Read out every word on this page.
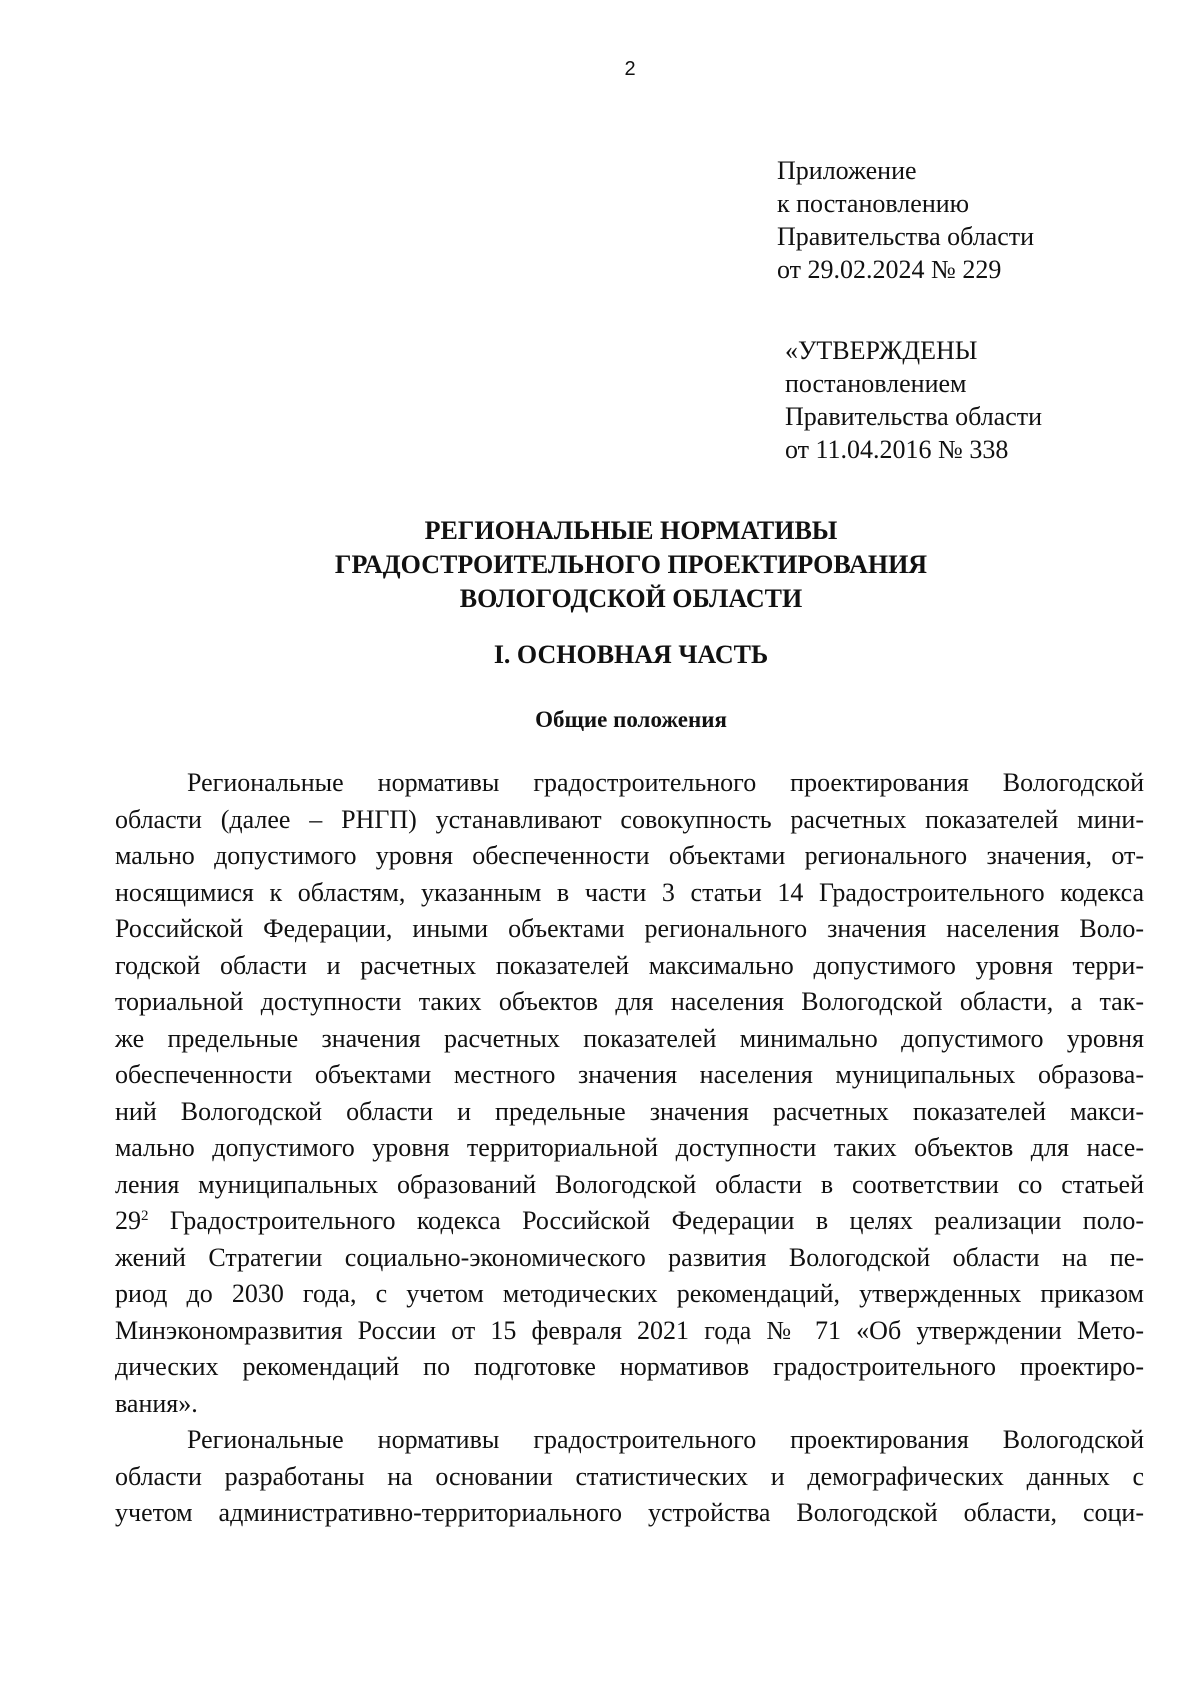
2
Приложение
к постановлению
Правительства области
от 29.02.2024 № 229
«УТВЕРЖДЕНЫ
постановлением
Правительства области
от 11.04.2016 № 338
РЕГИОНАЛЬНЫЕ НОРМАТИВЫ
ГРАДОСТРОИТЕЛЬНОГО ПРОЕКТИРОВАНИЯ
ВОЛОГОДСКОЙ ОБЛАСТИ
I. ОСНОВНАЯ ЧАСТЬ
Общие положения
Региональные нормативы градостроительного проектирования Вологодской
области (далее – РНГП) устанавливают совокупность расчетных показателей мини-
мально допустимого уровня обеспеченности объектами регионального значения, от-
носящимися к областям, указанным в части 3 статьи 14 Градостроительного кодекса
Российской Федерации, иными объектами регионального значения населения Воло-
годской области и расчетных показателей максимально допустимого уровня терри-
ториальной доступности таких объектов для населения Вологодской области, а так-
же предельные значения расчетных показателей минимально допустимого уровня
обеспеченности объектами местного значения населения муниципальных образова-
ний Вологодской области и предельные значения расчетных показателей макси-
мально допустимого уровня территориальной доступности таких объектов для насе-
ления муниципальных образований Вологодской области в соответствии со статьей
$29^2$ Градостроительного кодекса Российской Федерации в целях реализации поло-
жений Стратегии социально-экономического развития Вологодской области на пе-
риод до 2030 года, с учетом методических рекомендаций, утвержденных приказом
Минэкономразвития России от 15 февраля 2021 года № 71 «Об утверждении Мето-
дических рекомендаций по подготовке нормативов градостроительного проектиро-
вания».
Региональные нормативы градостроительного проектирования Вологодской
области разработаны на основании статистических и демографических данных с
учетом административно-территориального устройства Вологодской области, соци-
